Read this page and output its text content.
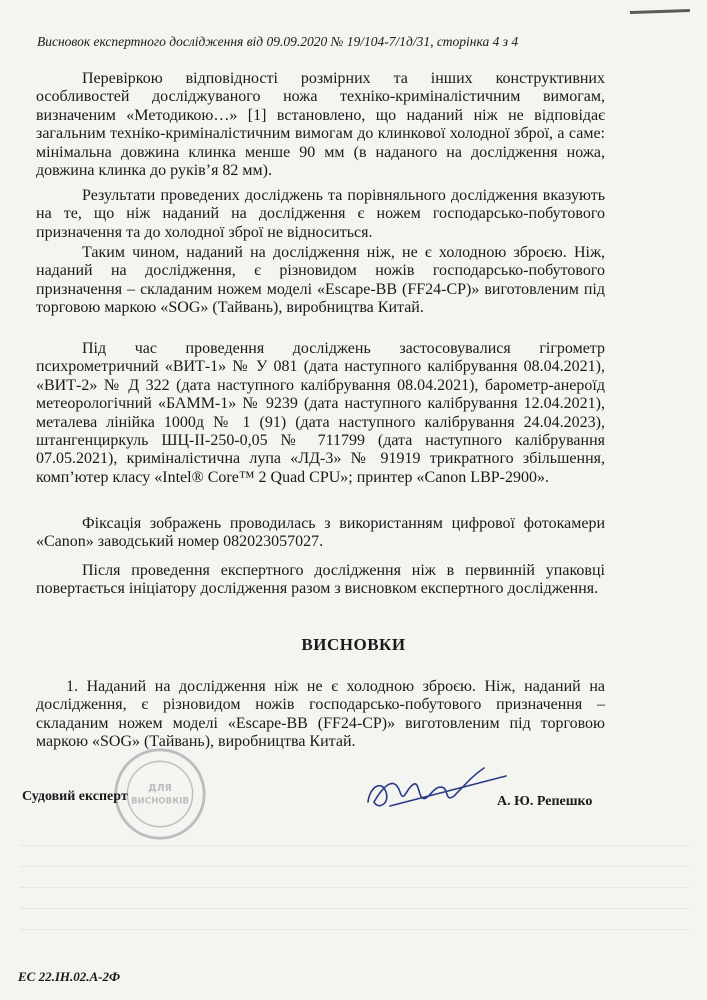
Висновок експертного дослідження від 09.09.2020 № 19/104-7/1д/31, сторінка 4 з 4

Перевіркою відповідності розмірних та інших конструктивних особливостей досліджуваного ножа техніко-криміналістичним вимогам, визначеним «Методикою…» [1] встановлено, що наданий ніж не відповідає загальним техніко-криміналістичним вимогам до клинкової холодної зброї, а саме: мінімальна довжина клинка менше 90 мм (в наданого на дослідження ножа, довжина клинка до руків’я 82 мм).

Результати проведених досліджень та порівняльного дослідження вказують на те, що ніж наданий на дослідження є ножем господарсько-побутового призначення та до холодної зброї не відноситься.

Таким чином, наданий на дослідження ніж, не є холодною зброєю. Ніж, наданий на дослідження, є різновидом ножів господарсько-побутового призначення – складаним ножем моделі «Escape-BB (FF24-CP)» виготовленим під торговою маркою «SOG» (Тайвань), виробництва Китай.

Під час проведення досліджень застосовувалися гігрометр психрометричний «ВИТ-1» № У 081 (дата наступного калібрування 08.04.2021), «ВИТ-2» № Д 322 (дата наступного калібрування 08.04.2021), барометр-анероїд метеорологічний «БАММ-1» № 9239 (дата наступного калібрування 12.04.2021), металева лінійка 1000д № 1 (91) (дата наступного калібрування 24.04.2023), штангенциркуль ШЦ-ІІ-250-0,05 № 711799 (дата наступного калібрування 07.05.2021), криміналістична лупа «ЛД-3» № 91919 трикратного збільшення, комп’ютер класу «Intel® Core™ 2 Quad CPU»; принтер «Canon LBP-2900».

Фіксація зображень проводилась з використанням цифрової фотокамери «Canon» заводський номер 082023057027.

Після проведення експертного дослідження ніж в первинній упаковці повертається ініціатору дослідження разом з висновком експертного дослідження.

ВИСНОВКИ

1. Наданий на дослідження ніж не є холодною зброєю. Ніж, наданий на дослідження, є різновидом ножів господарсько-побутового призначення – складаним ножем моделі «Escape-BB (FF24-CP)» виготовленим під торговою маркою «SOG» (Тайвань), виробництва Китай.

ДЛЯ
ВИСНОВКІВ
Судовий експерт	А. Ю. Репешко
ЕС 22.IH.02.A-2Ф
